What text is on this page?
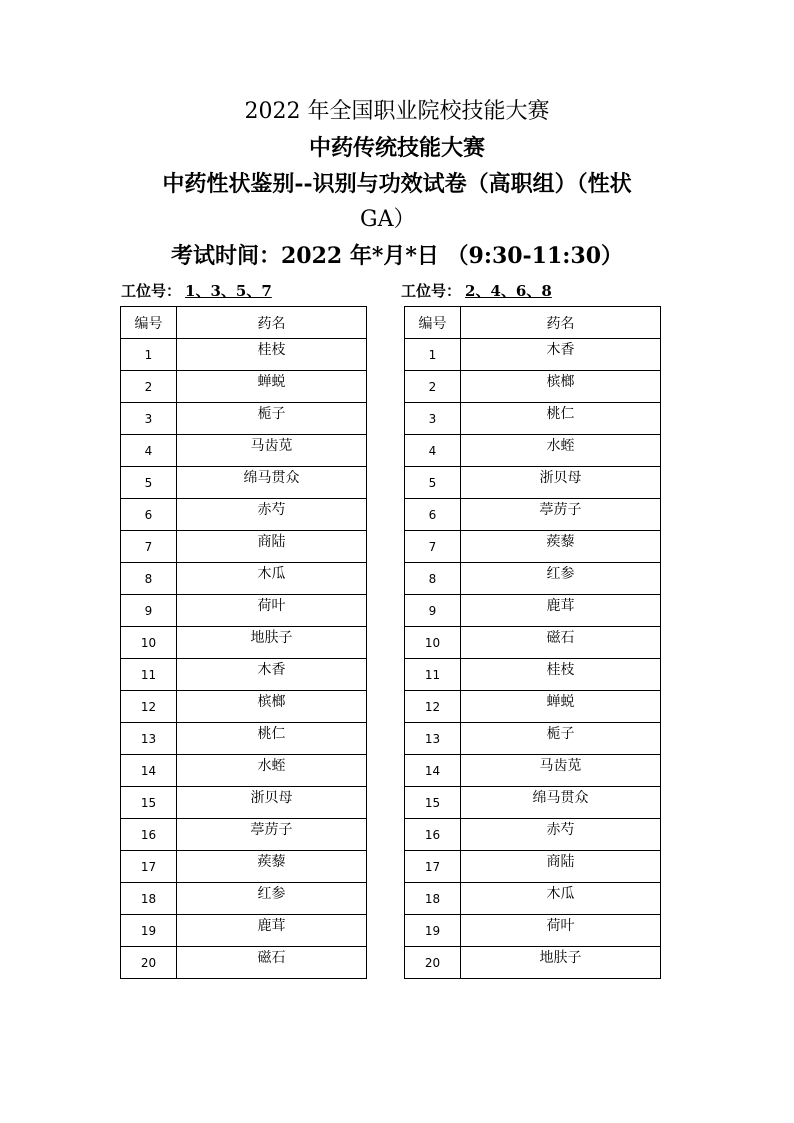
2022 年全国职业院校技能大赛
中药传统技能大赛
中药性状鉴别--识别与功效试卷（高职组）（性状
GA）
考试时间：2022 年*月*日 （9:30-11:30）
工位号： 1、3、5、7	工位号： 2、4、6、8
编号	药名
1	桂枝
2	蝉蜕
3	栀子
4	马齿苋
5	绵马贯众
6	赤芍
7	商陆
8	木瓜
9	荷叶
10	地肤子
11	木香
12	槟榔
13	桃仁
14	水蛭
15	浙贝母
16	葶苈子
17	蒺藜
18	红参
19	鹿茸
20	磁石
编号	药名
1	木香
2	槟榔
3	桃仁
4	水蛭
5	浙贝母
6	葶苈子
7	蒺藜
8	红参
9	鹿茸
10	磁石
11	桂枝
12	蝉蜕
13	栀子
14	马齿苋
15	绵马贯众
16	赤芍
17	商陆
18	木瓜
19	荷叶
20	地肤子
